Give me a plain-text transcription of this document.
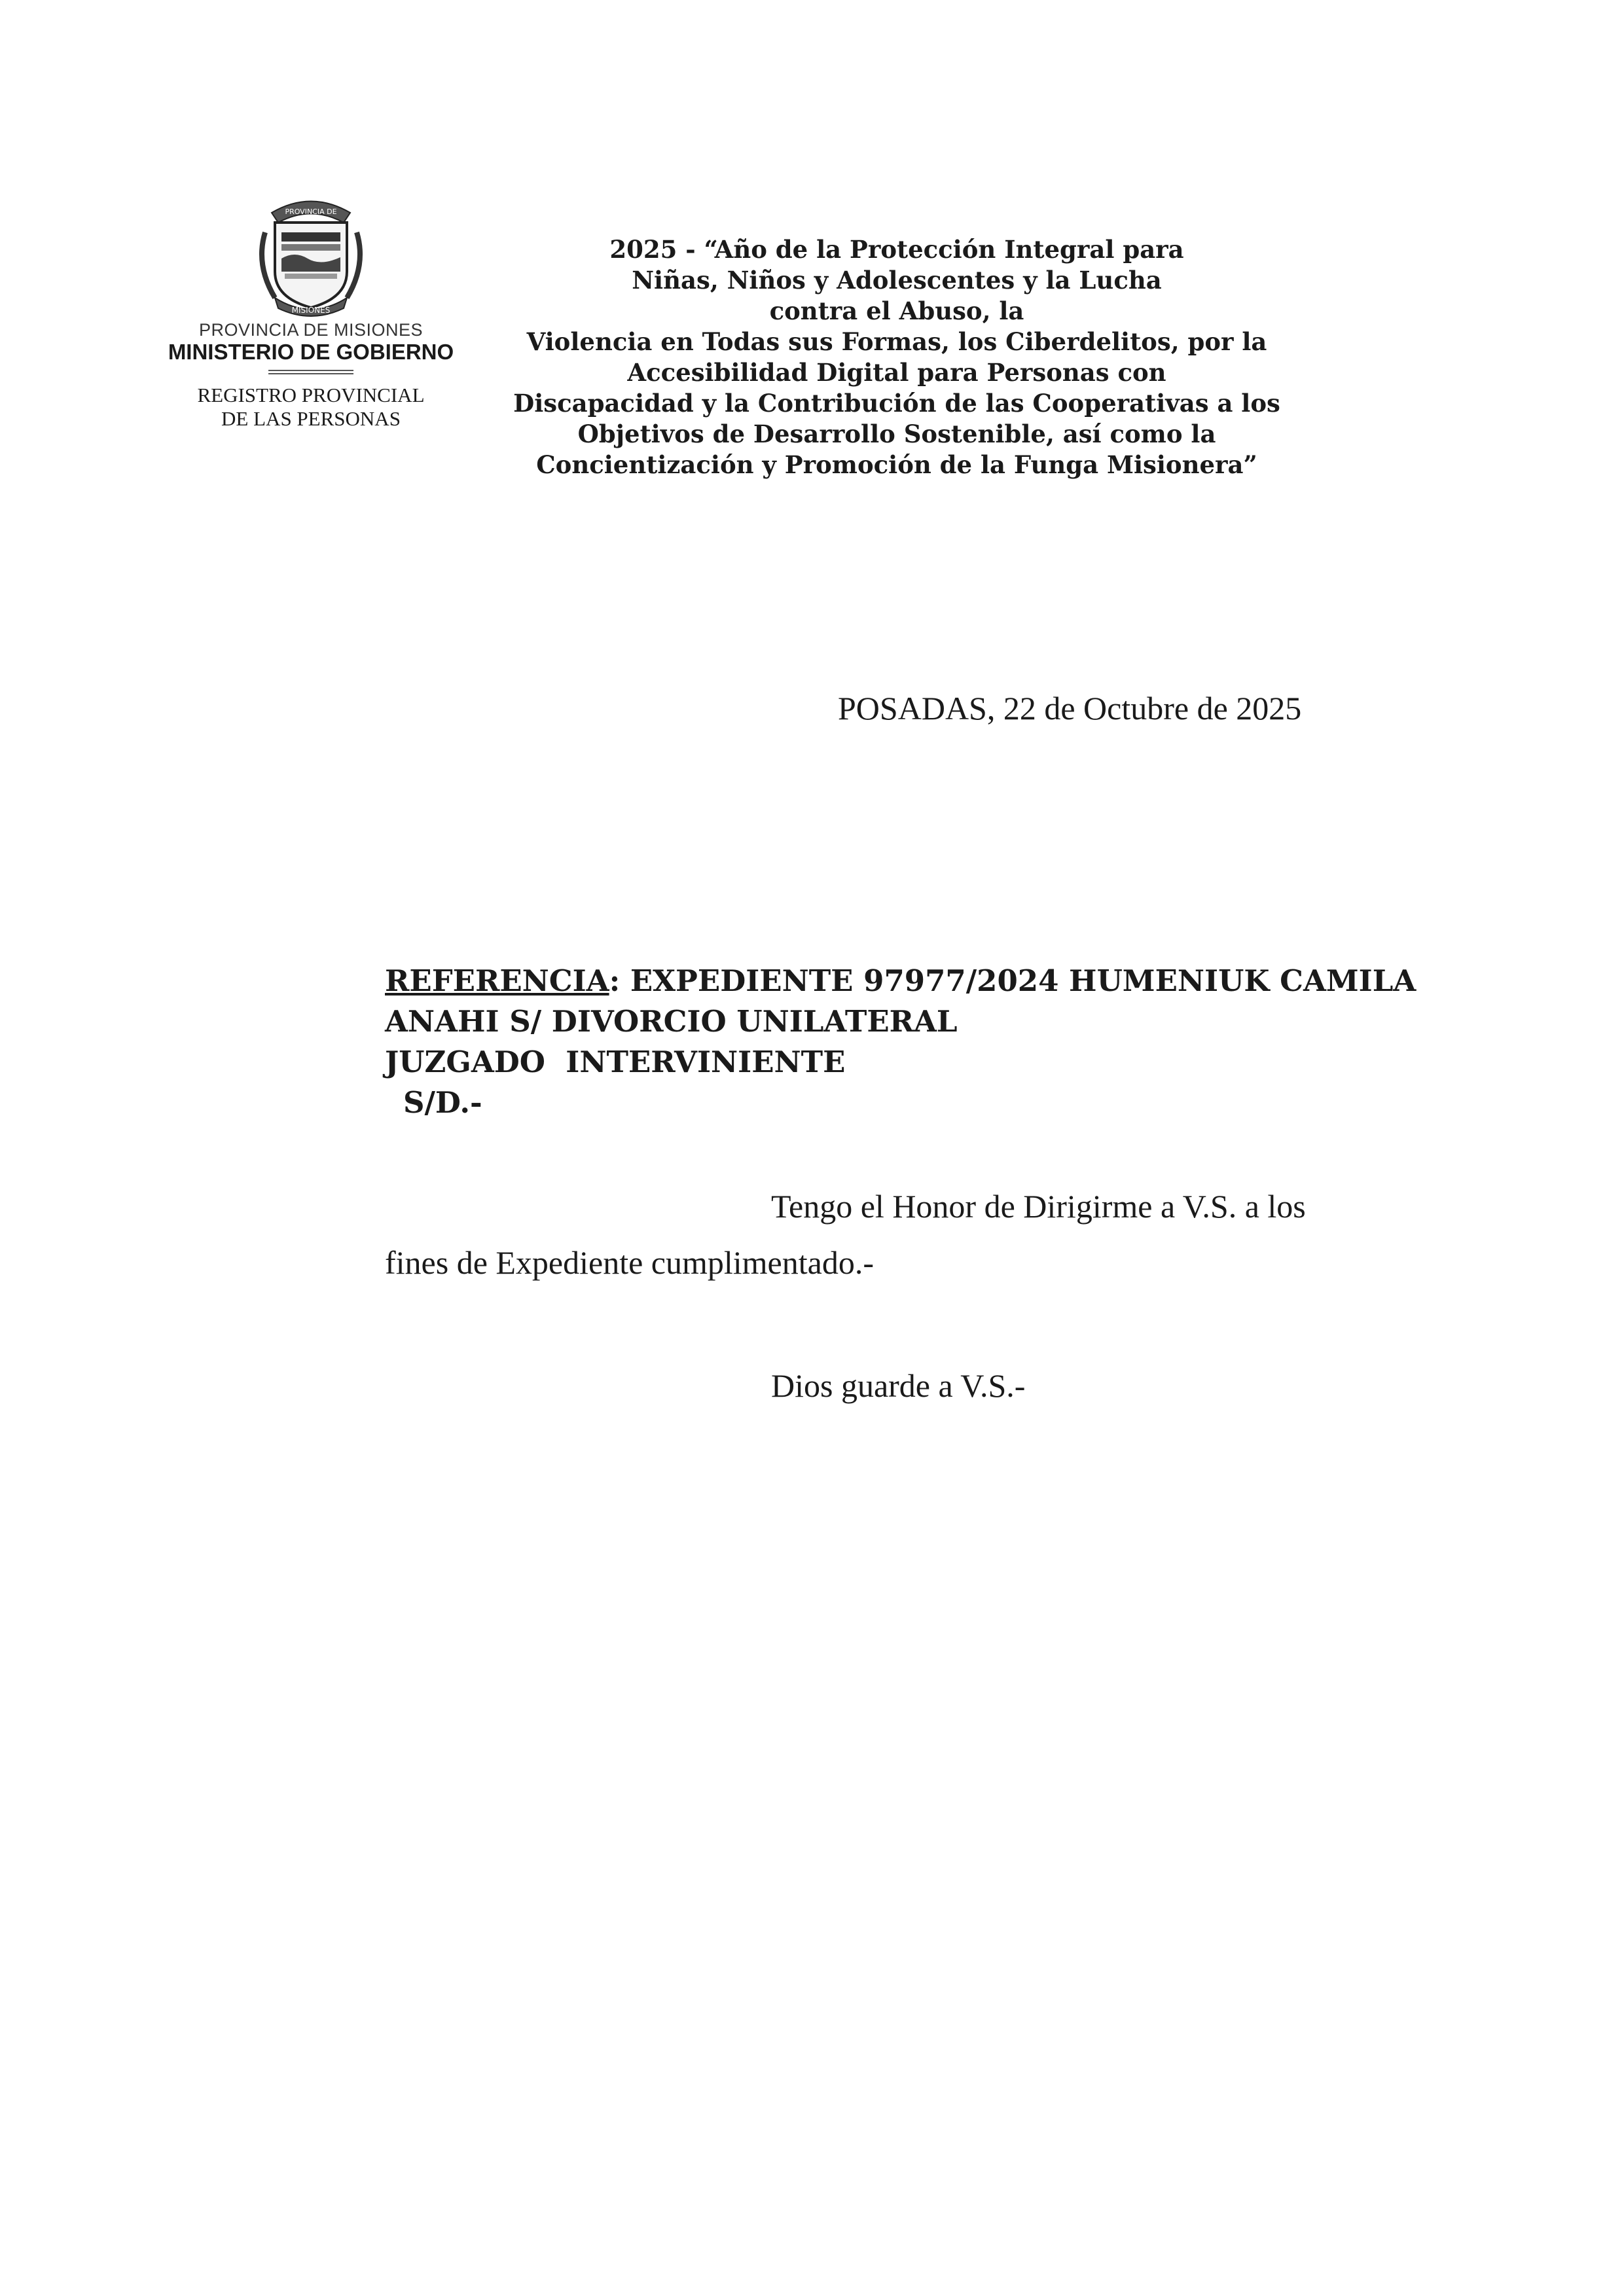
PROVINCIA DE
MISIONES
PROVINCIA DE MISIONES
MINISTERIO DE GOBIERNO
REGISTRO PROVINCIAL
DE LAS PERSONAS
2025 - “Año de la Protección Integral para
Niñas, Niños y Adolescentes y la Lucha
contra el Abuso, la
Violencia en Todas sus Formas, los Ciberdelitos, por la
Accesibilidad Digital para Personas con
Discapacidad y la Contribución de las Cooperativas a los
Objetivos de Desarrollo Sostenible, así como la
Concientización y Promoción de la Funga Misionera”
POSADAS, 22 de Octubre de 2025
REFERENCIA: EXPEDIENTE 97977/2024 HUMENIUK CAMILA
ANAHI S/ DIVORCIO UNILATERAL
JUZGADO  INTERVINIENTE
S/D.-
Tengo el Honor de Dirigirme a V.S. a los
fines de Expediente cumplimentado.-
Dios guarde a V.S.-
